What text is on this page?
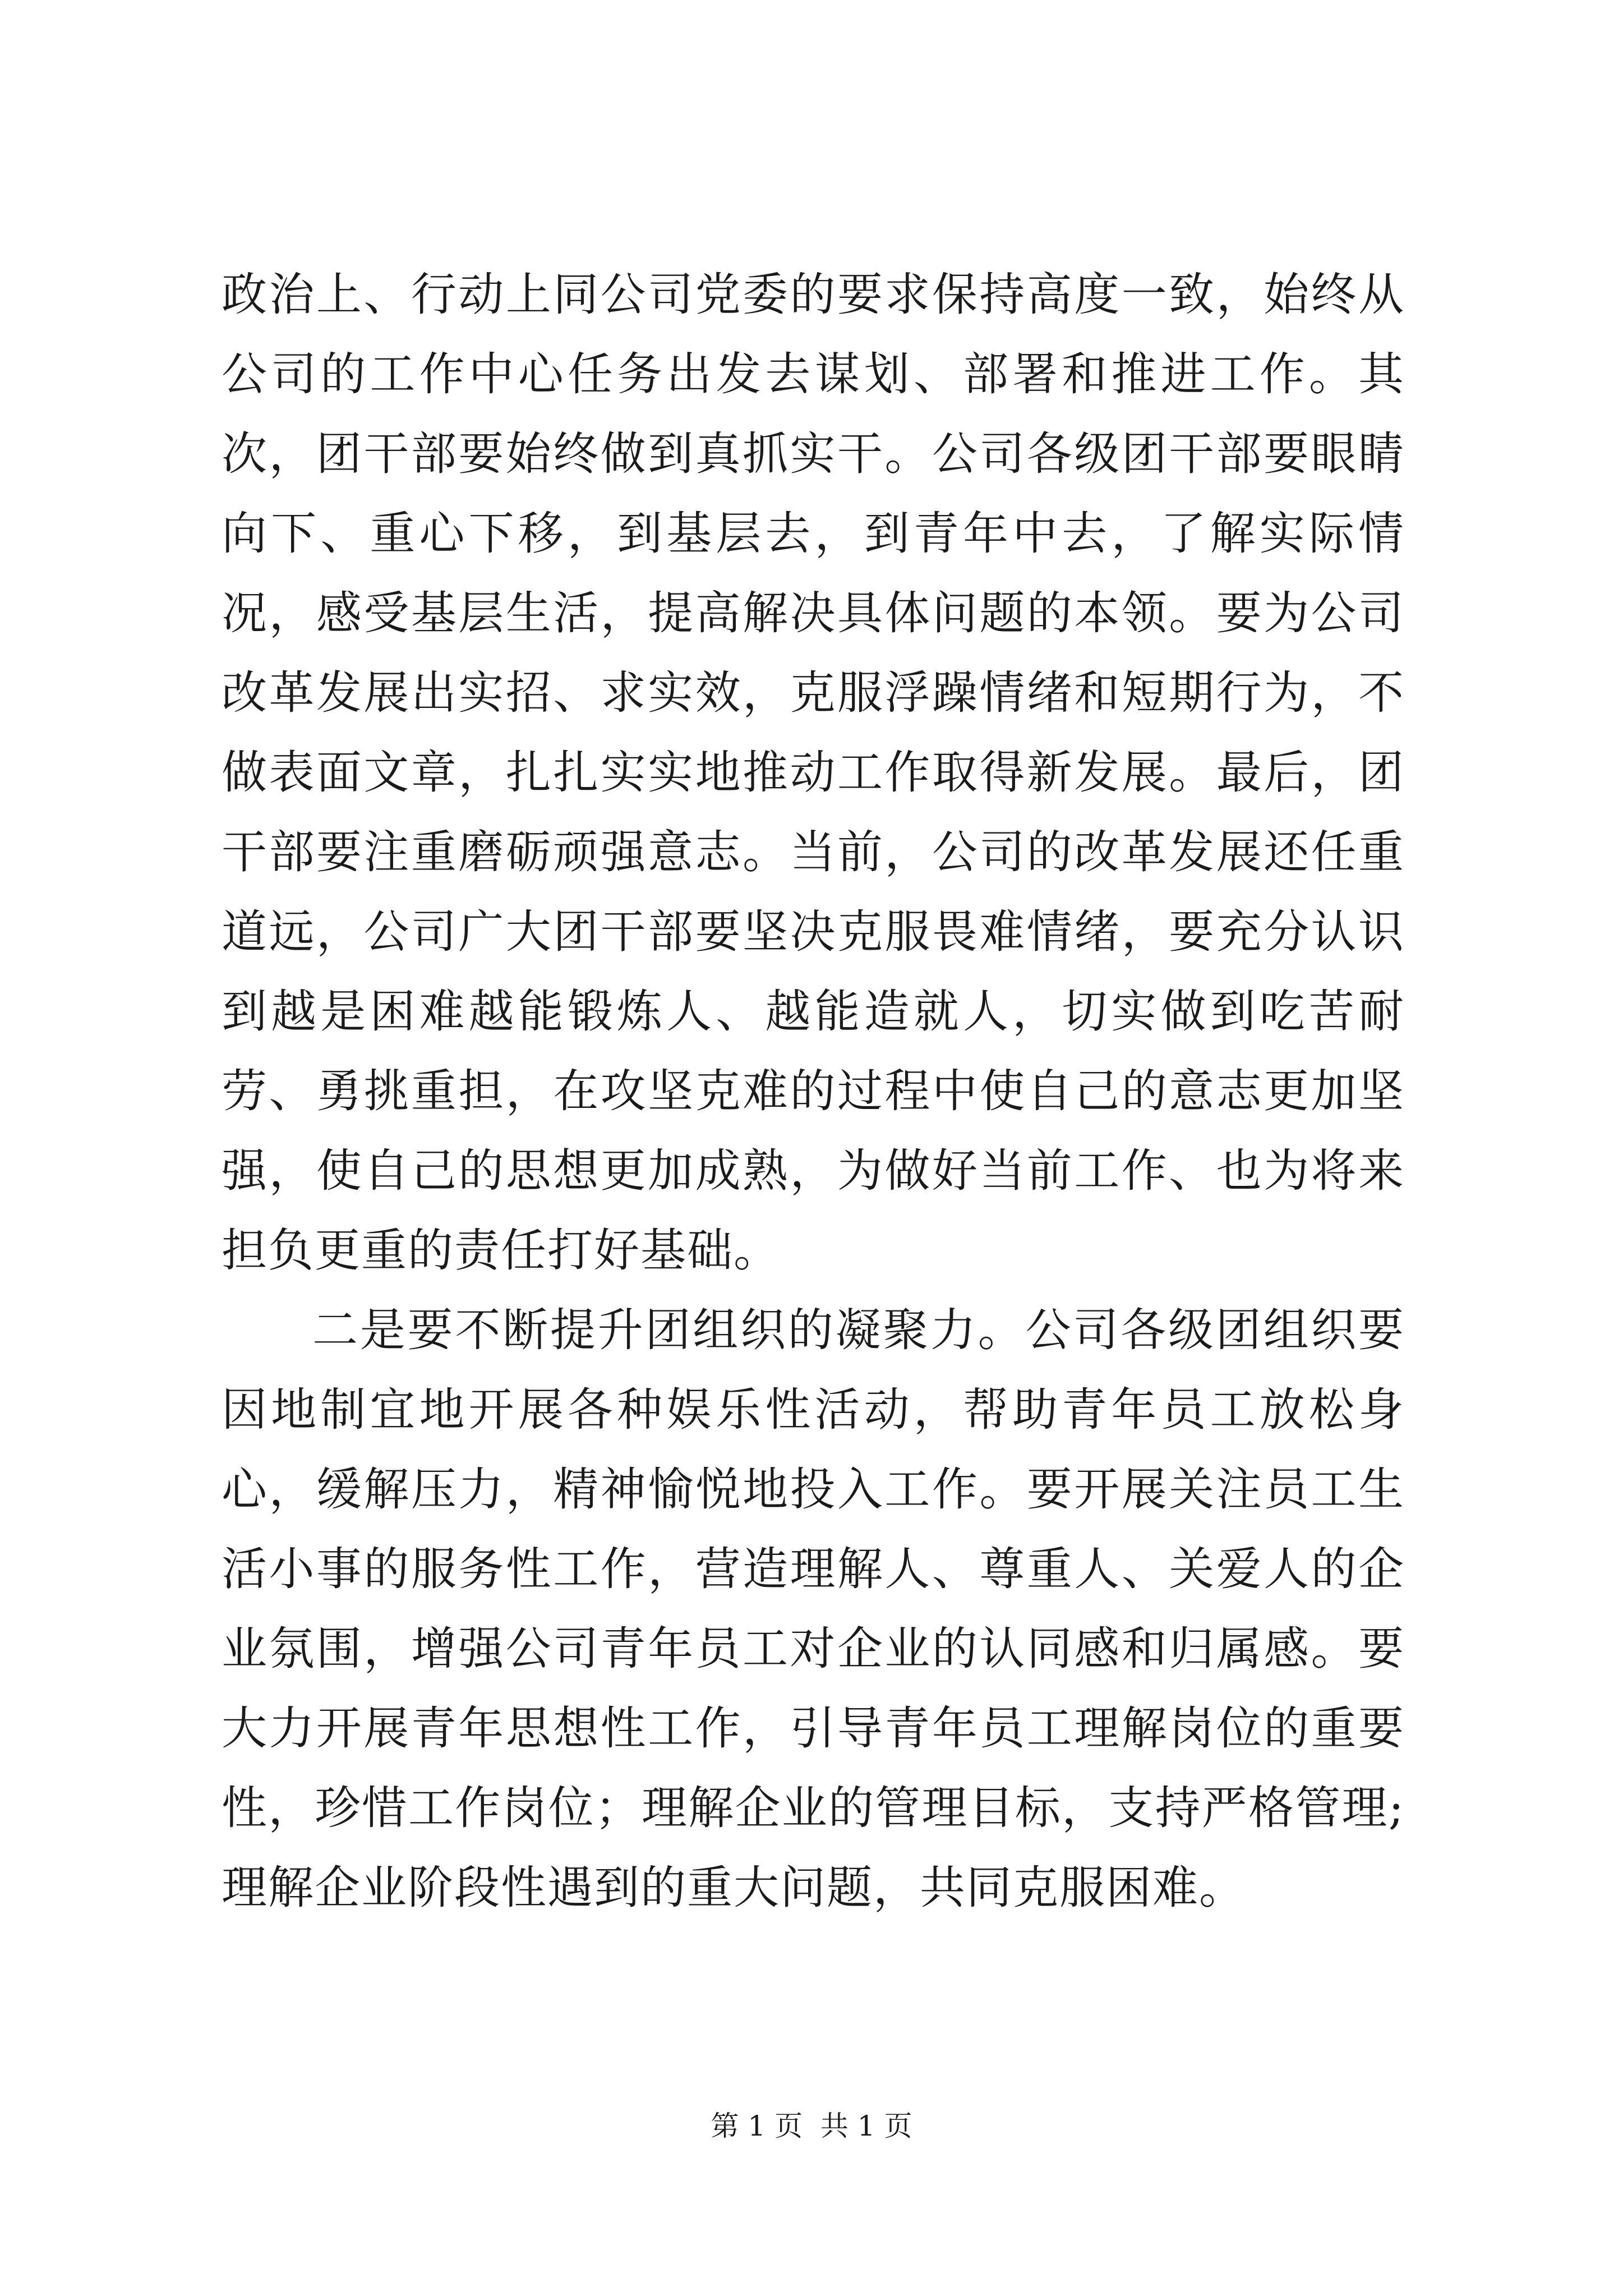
政治上、行动上同公司党委的要求保持高度一致，始终从公司的工作中心任务出发去谋划、部署和推进工作。其次，团干部要始终做到真抓实干。公司各级团干部要眼睛向下、重心下移，到基层去，到青年中去，了解实际情况，感受基层生活，提高解决具体问题的本领。要为公司改革发展出实招、求实效，克服浮躁情绪和短期行为，不做表面文章，扎扎实实地推动工作取得新发展。最后，团干部要注重磨砺顽强意志。当前，公司的改革发展还任重道远，公司广大团干部要坚决克服畏难情绪，要充分认识到越是困难越能锻炼人、越能造就人，切实做到吃苦耐劳、勇挑重担，在攻坚克难的过程中使自己的意志更加坚强，使自己的思想更加成熟，为做好当前工作、也为将来担负更重的责任打好基础。

二是要不断提升团组织的凝聚力。公司各级团组织要因地制宜地开展各种娱乐性活动，帮助青年员工放松身心，缓解压力，精神愉悦地投入工作。要开展关注员工生活小事的服务性工作，营造理解人、尊重人、关爱人的企业氛围，增强公司青年员工对企业的认同感和归属感。要大力开展青年思想性工作，引导青年员工理解岗位的重要性，珍惜工作岗位；理解企业的管理目标，支持严格管理;理解企业阶段性遇到的重大问题，共同克服困难。

第 1 页  共 1 页
